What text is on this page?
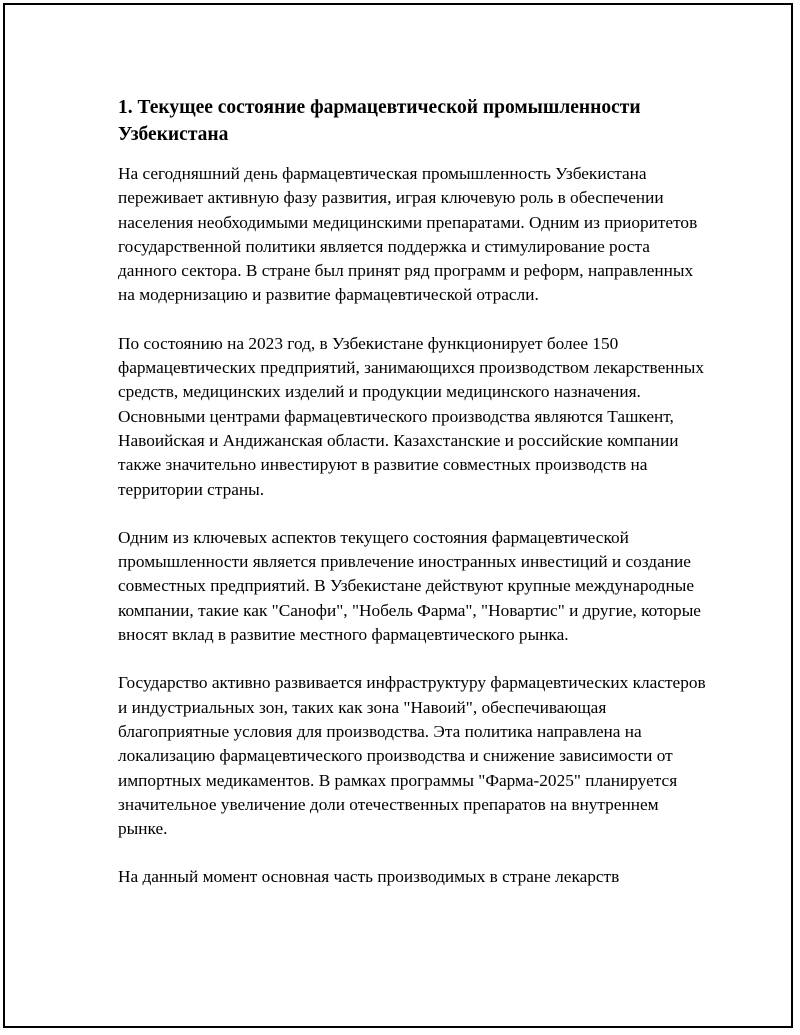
1. Текущее состояние фармацевтической промышленности Узбекистана

На сегодняшний день фармацевтическая промышленность Узбекистана переживает активную фазу развития, играя ключевую роль в обеспечении населения необходимыми медицинскими препаратами. Одним из приоритетов государственной политики является поддержка и стимулирование роста данного сектора. В стране был принят ряд программ и реформ, направленных на модернизацию и развитие фармацевтической отрасли.

По состоянию на 2023 год, в Узбекистане функционирует более 150 фармацевтических предприятий, занимающихся производством лекарственных средств, медицинских изделий и продукции медицинского назначения. Основными центрами фармацевтического производства являются Ташкент, Навоийская и Андижанская области. Казахстанские и российские компании также значительно инвестируют в развитие совместных производств на территории страны.

Одним из ключевых аспектов текущего состояния фармацевтической промышленности является привлечение иностранных инвестиций и создание совместных предприятий. В Узбекистане действуют крупные международные компании, такие как "Санофи", "Нобель Фарма", "Новартис" и другие, которые вносят вклад в развитие местного фармацевтического рынка.

Государство активно развивается инфраструктуру фармацевтических кластеров и индустриальных зон, таких как зона "Навоий", обеспечивающая благоприятные условия для производства. Эта политика направлена на локализацию фармацевтического производства и снижение зависимости от импортных медикаментов. В рамках программы "Фарма-2025" планируется значительное увеличение доли отечественных препаратов на внутреннем рынке.

На данный момент основная часть производимых в стране лекарств
